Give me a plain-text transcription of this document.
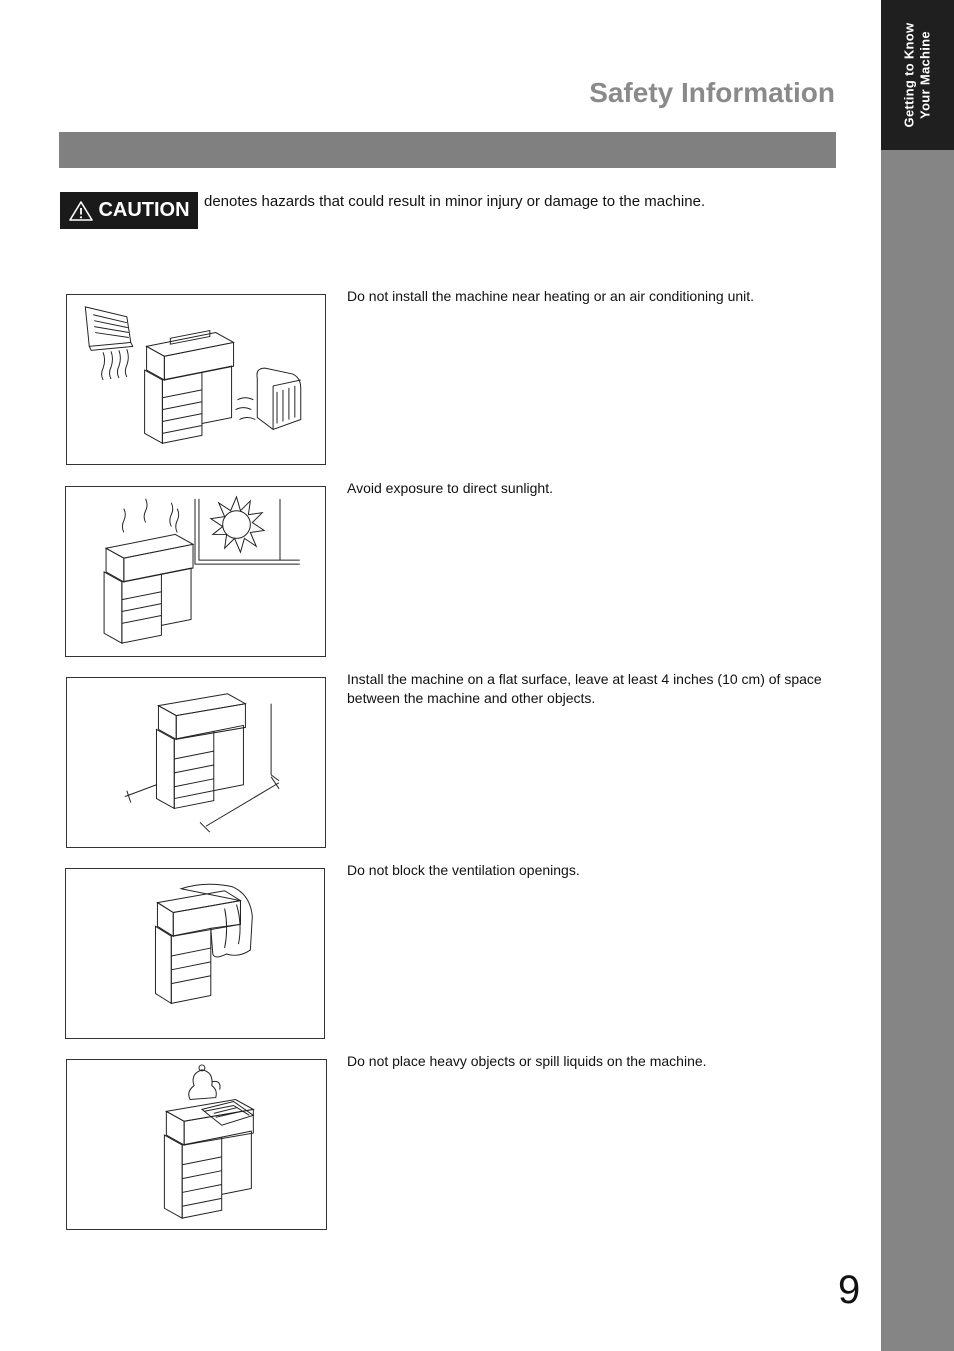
Getting to Know Your Machine
Safety Information
CAUTION denotes hazards that could result in minor injury or damage to the machine.
Do not install the machine near heating or an air conditioning unit.
Avoid exposure to direct sunlight.
Install the machine on a flat surface, leave at least 4 inches (10 cm) of space between the machine and other objects.
Do not block the ventilation openings.
Do not place heavy objects or spill liquids on the machine.
9
